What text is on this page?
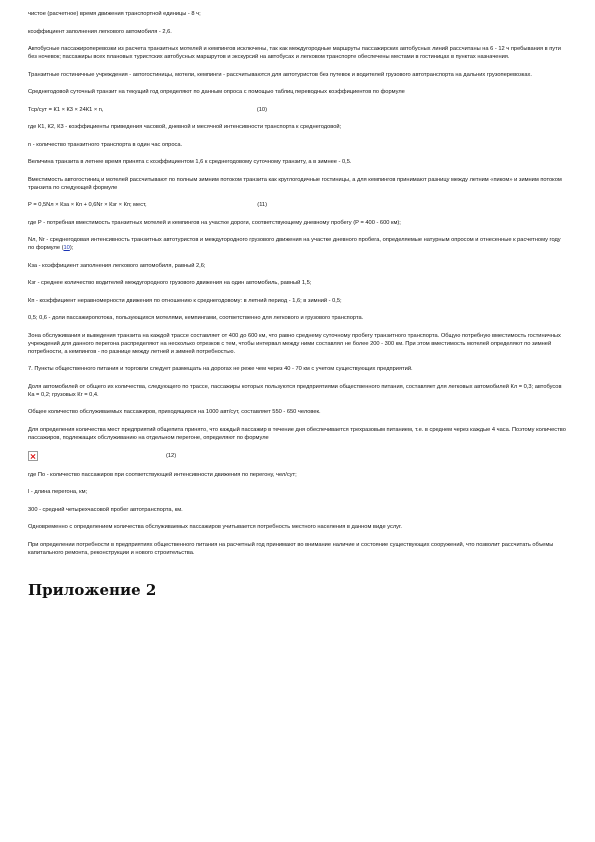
чистое (расчетное) время движения транспортной единицы - 8 ч;

коэффициент заполнения легкового автомобиля - 2,6.

Автобусные пассажироперевозки из расчета транзитных мотелей и кемпингов исключены, так как междугородные маршруты пассажирских автобусных линий рассчитаны на 6 - 12 ч пребывания в пути без ночевок; пассажиры всех плановых туристских автобусных маршрутов и экскурсий на автобусах и легковом транспорте обеспечены местами в гостиницах в пунктах назначения.

Транзитные гостиничные учреждения - автогостиницы, мотели, кемпинги - рассчитываются для автотуристов без путевок и водителей грузового автотранспорта на дальних грузоперевозках.

Среднегодовой суточный транзит на текущий год определяют по данным опроса с помощью таблиц переводных коэффициентов по формуле

Тср/сут = К1 × К3 × 24К1 × n,	(10)

где К1, К2, К3 - коэффициенты приведения часовой, дневной и месячной интенсивности транспорта к среднегодовой;

n - количество транзитного транспорта в один час опроса.

Величина транзита в летнее время принята с коэффициентом 1,6 к среднегодовому суточному транзиту, а в зимнее - 0,5.

Вместимость автогостиниц и мотелей рассчитывают по полным зимним потоком транзита как круглогодичные гостиницы, а для кемпингов принимают разницу между летним «пиком» и зимним потоком транзита по следующей формуле

Р = 0,5Nл × Кза × Кп + 0,6Nг × Кзг × Кп; мест,	(11)

где Р - потребная вместимость транзитных мотелей и кемпингов на участке дороги, соответствующему дневному пробегу (Р = 400 - 600 км);

Nл, Nг - среднегодовая интенсивность транзитных автотуристов и междугородного грузового движения на участке дневного пробега, определяемые натурным опросом и отнесенные к расчетному году по формуле (10);

Кза - коэффициент заполнения легкового автомобиля, равный 2,6;

Кзг - среднее количество водителей междугородного грузового движения на один автомобиль, равный 1,5;

Кп - коэффициент неравномерности движения по отношению к среднегодовому: в летний период - 1,6; в зимний - 0,5;

0,5; 0,6 - доли пассажиропотока, пользующихся мотелями, кемпингами, соответственно для легкового и грузового транспорта.

Зона обслуживания и выведения транзита на каждой трассе составляет от 400 до 600 км, что равно среднему суточному пробегу транзитного транспорта. Общую потребную вместимость гостиничных учреждений для данного перегона распределяют на несколько отрезков с тем, чтобы интервал между ними составлял не более 200 - 300 км. При этом вместимость мотелей определяют по зимней потребности, а кемпингов - по разнице между летней и зимней потребностью.

7. Пункты общественного питания и торговли следует размещать на дорогах не реже чем через 40 - 70 км с учетом существующих предприятий.

Доля автомобилей от общего их количества, следующего по трассе, пассажиры которых пользуются предприятиями общественного питания, составляет для легковых автомобилей Кл = 0,3; автобусов Ка = 0,2; грузовых Кг = 0,4.

Общее количество обслуживаемых пассажиров, приходящихся на 1000 авт/сут, составляет 550 - 650 человек.

Для определения количества мест предприятий общепита принято, что каждый пассажир в течение дня обеспечивается трехразовым питанием, т.е. в среднем через каждые 4 часа. Поэтому количество пассажиров, подлежащих обслуживанию на отдельном перегоне, определяют по формуле

(12)

где По - количество пассажиров при соответствующей интенсивности движения по перегону, чел/сут;

l - длина перегона, км;

300 - средний четырехчасовой пробег автотранспорта, км.

Одновременно с определением количества обслуживаемых пассажиров учитывается потребность местного населения в данном виде услуг.

При определении потребности в предприятиях общественного питания на расчетный год принимают во внимание наличие и состояние существующих сооружений, что позволит рассчитать объемы капитального ремонта, реконструкции и нового строительства.

Приложение 2
